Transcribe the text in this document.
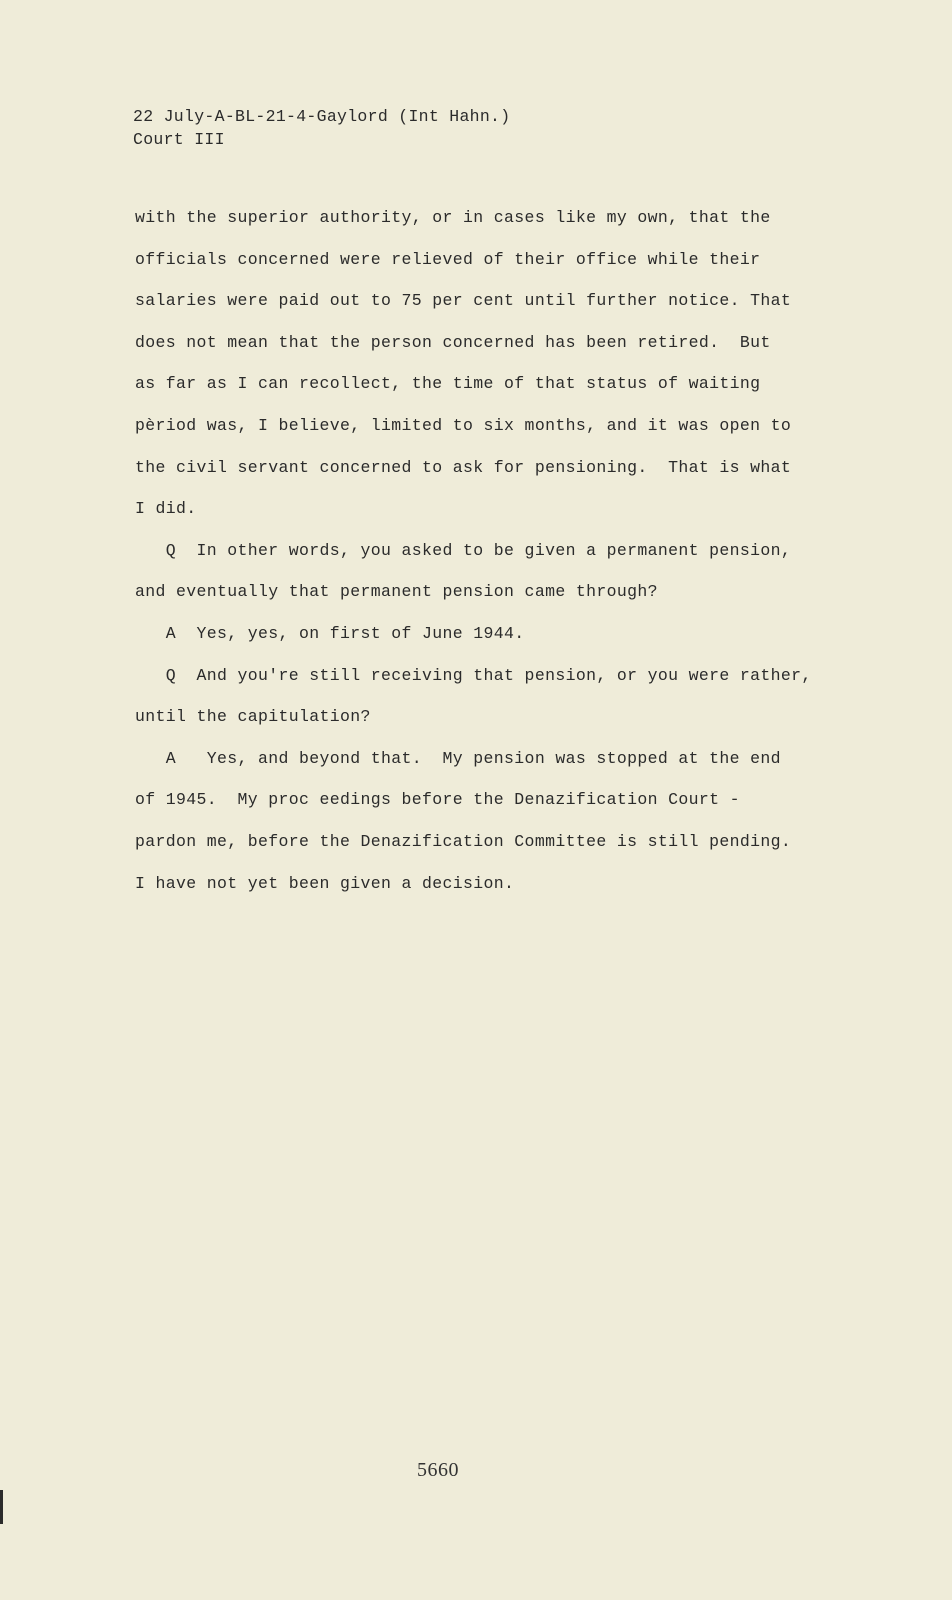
22 July-A-BL-21-4-Gaylord (Int Hahn.)
Court III
with the superior authority, or in cases like my own, that the
officials concerned were relieved of their office while their
salaries were paid out to 75 per cent until further notice. That
does not mean that the person concerned has been retired.  But
as far as I can recollect, the time of that status of waiting
pèriod was, I believe, limited to six months, and it was open to
the civil servant concerned to ask for pensioning.  That is what
I did.
Q  In other words, you asked to be given a permanent pension,
and eventually that permanent pension came through?
A  Yes, yes, on first of June 1944.
Q  And you're still receiving that pension, or you were rather,
until the capitulation?
A   Yes, and beyond that.  My pension was stopped at the end
of 1945.  My proc eedings before the Denazification Court -
pardon me, before the Denazification Committee is still pending.
I have not yet been given a decision.
5660
